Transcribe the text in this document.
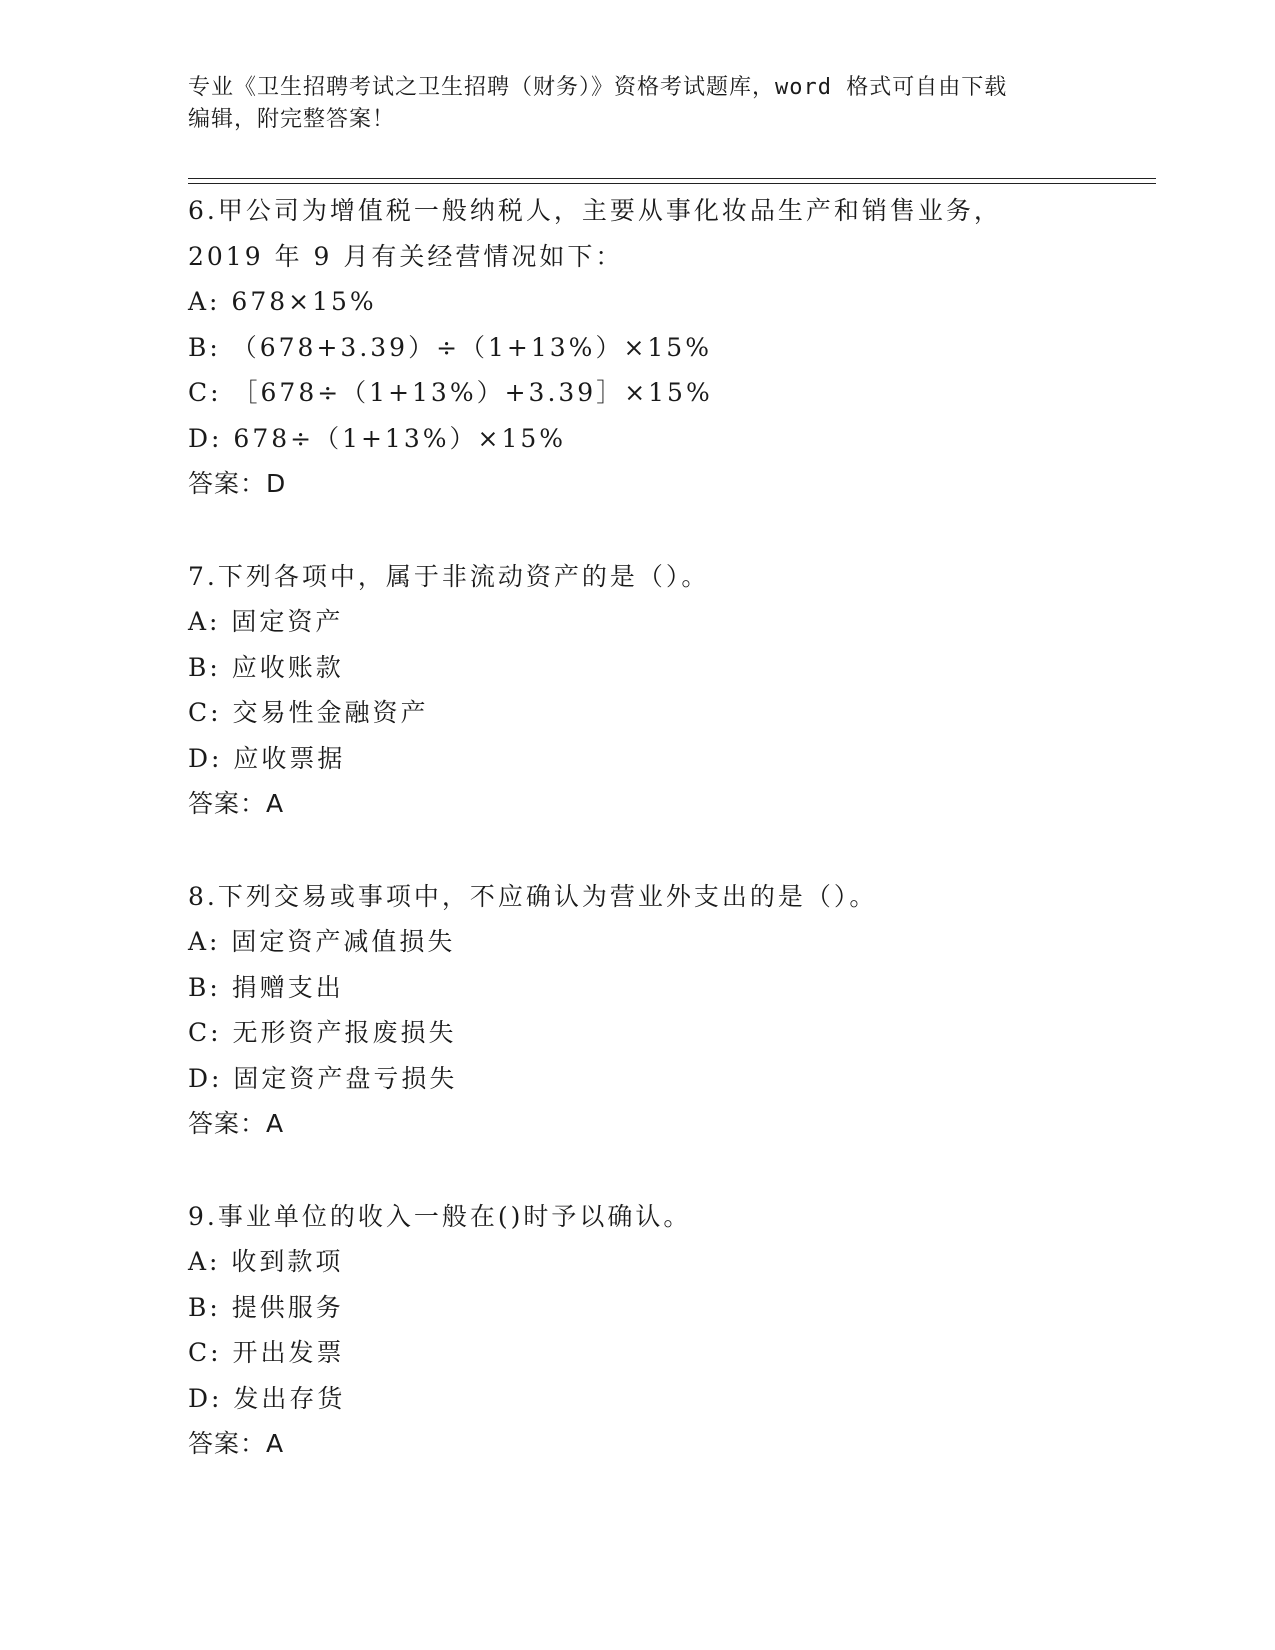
专业《卫生招聘考试之卫生招聘（财务）》资格考试题库，word 格式可自由下载
编辑，附完整答案！
6.甲公司为增值税一般纳税人，主要从事化妆品生产和销售业务，
2019 年 9 月有关经营情况如下：
A: 678×15%
B: （678+3.39）÷（1+13%）×15%
C: ［678÷（1+13%）+3.39］×15%
D: 678÷（1+13%）×15%
答案：D
7.下列各项中，属于非流动资产的是（）。
A: 固定资产
B: 应收账款
C: 交易性金融资产
D: 应收票据
答案：A
8.下列交易或事项中，不应确认为营业外支出的是（）。
A: 固定资产减值损失
B: 捐赠支出
C: 无形资产报废损失
D: 固定资产盘亏损失
答案：A
9.事业单位的收入一般在()时予以确认。
A: 收到款项
B: 提供服务
C: 开出发票
D: 发出存货
答案：A
